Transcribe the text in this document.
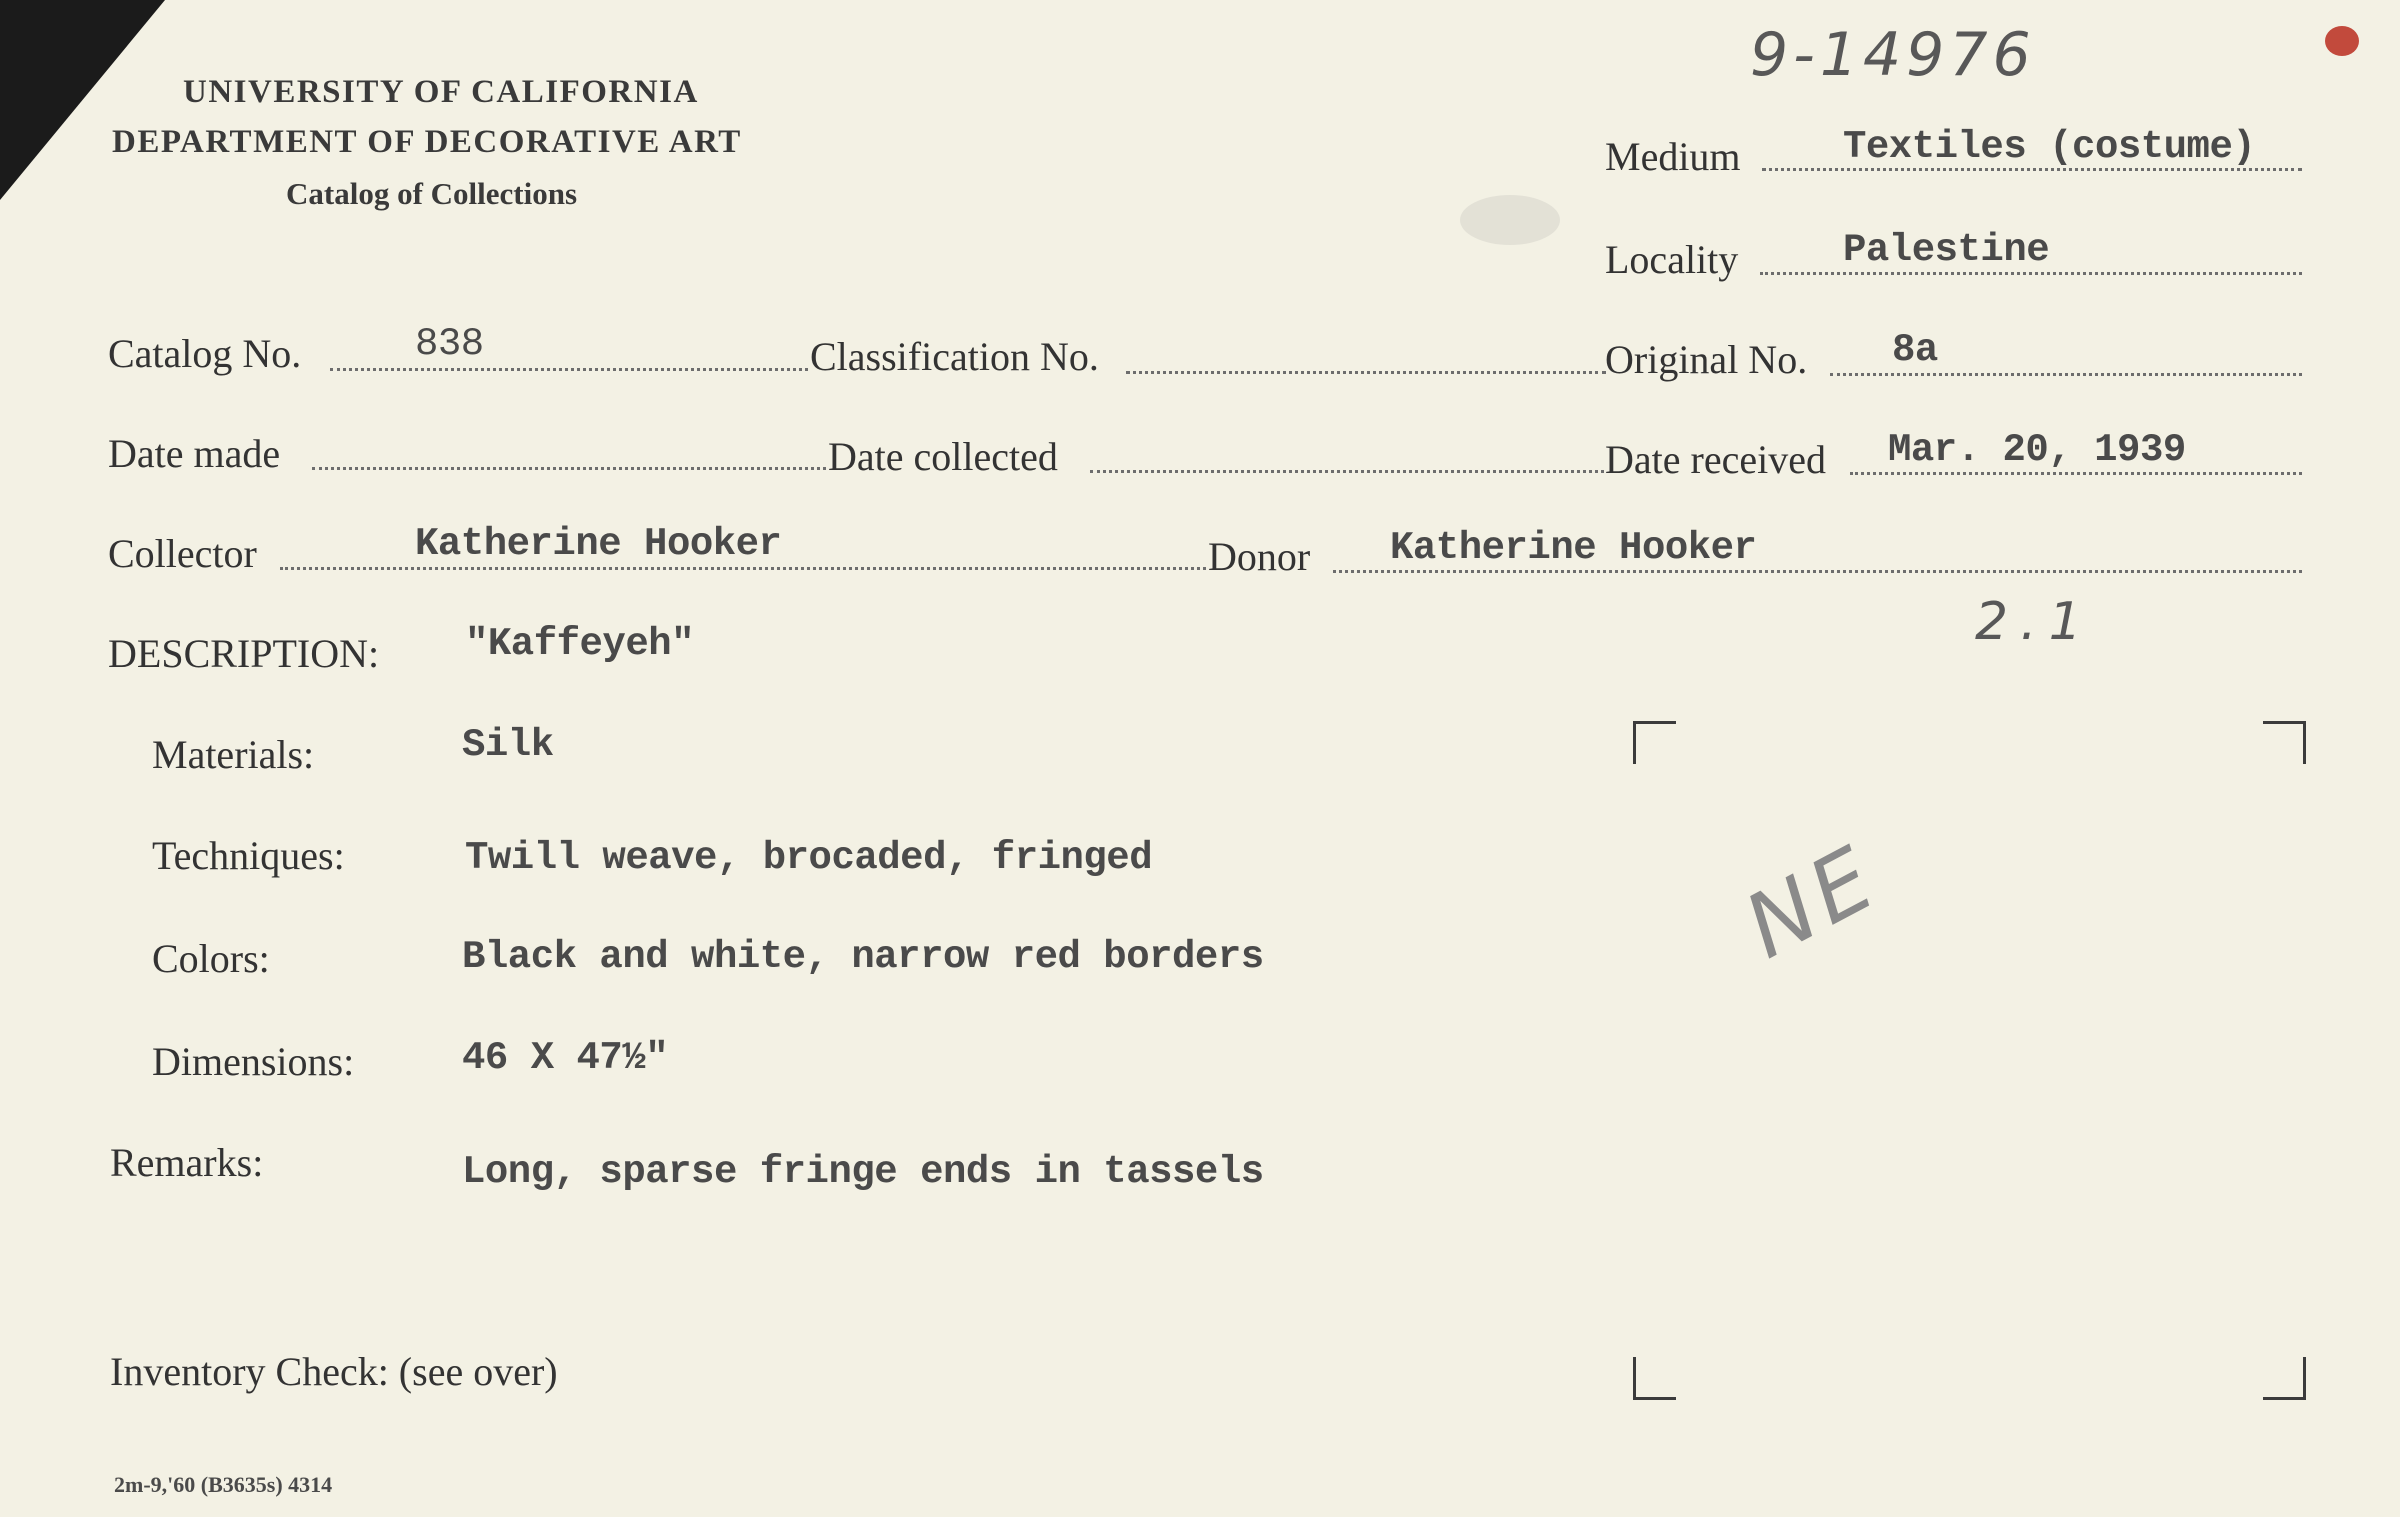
UNIVERSITY OF CALIFORNIA
DEPARTMENT OF DECORATIVE ART
Catalog of Collections
9-14976
Medium	Textiles (costume)
Locality	Palestine
Catalog No.	838	Classification No.	Original No. 8a
Date made	Date collected	Date received Mar. 20, 1939
Collector	Katherine Hooker	Donor Katherine Hooker
2.1
DESCRIPTION: "Kaffeyeh"
Materials:	Silk
Techniques:	Twill weave, brocaded, fringed
Colors:	Black and white, narrow red borders
Dimensions:	46 X 47½"
Remarks:	Long, sparse fringe ends in tassels
NE
Inventory Check: (see over)
2m-9,'60 (B3635s) 4314
